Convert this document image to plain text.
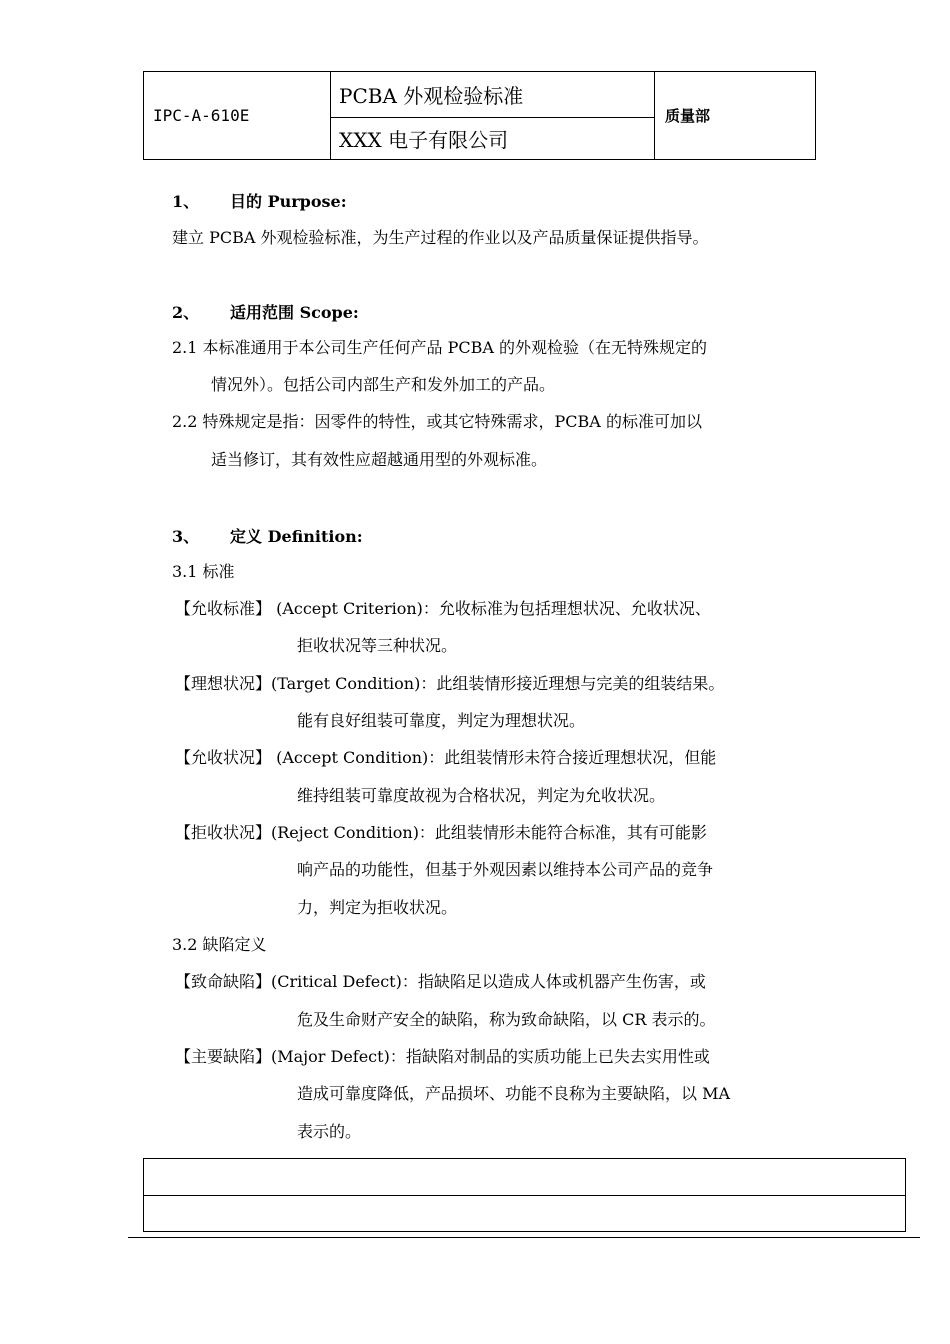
IPC-A-610E
PCBA 外观检验标准
XXX 电子有限公司
质量部
1、 目的 Purpose:
建立 PCBA 外观检验标准，为生产过程的作业以及产品质量保证提供指导。
2、 适用范围 Scope:
2.1 本标准通用于本公司生产任何产品 PCBA 的外观检验（在无特殊规定的
情况外）。包括公司内部生产和发外加工的产品。
2.2 特殊规定是指：因零件的特性，或其它特殊需求，PCBA 的标准可加以
适当修订，其有效性应超越通用型的外观标准。
3、 定义 Definition:
3.1 标准
【允收标准】 (Accept Criterion)：允收标准为包括理想状况、允收状况、
拒收状况等三种状况。
【理想状况】(Target Condition)：此组装情形接近理想与完美的组装结果。
能有良好组装可靠度，判定为理想状况。
【允收状况】 (Accept Condition)：此组装情形未符合接近理想状况，但能
维持组装可靠度故视为合格状况，判定为允收状况。
【拒收状况】(Reject Condition)：此组装情形未能符合标准，其有可能影
响产品的功能性，但基于外观因素以维持本公司产品的竞争
力，判定为拒收状况。
3.2 缺陷定义
【致命缺陷】(Critical Defect)：指缺陷足以造成人体或机器产生伤害，或
危及生命财产安全的缺陷，称为致命缺陷，以 CR 表示的。
【主要缺陷】(Major Defect)：指缺陷对制品的实质功能上已失去实用性或
造成可靠度降低，产品损坏、功能不良称为主要缺陷，以 MA
表示的。
